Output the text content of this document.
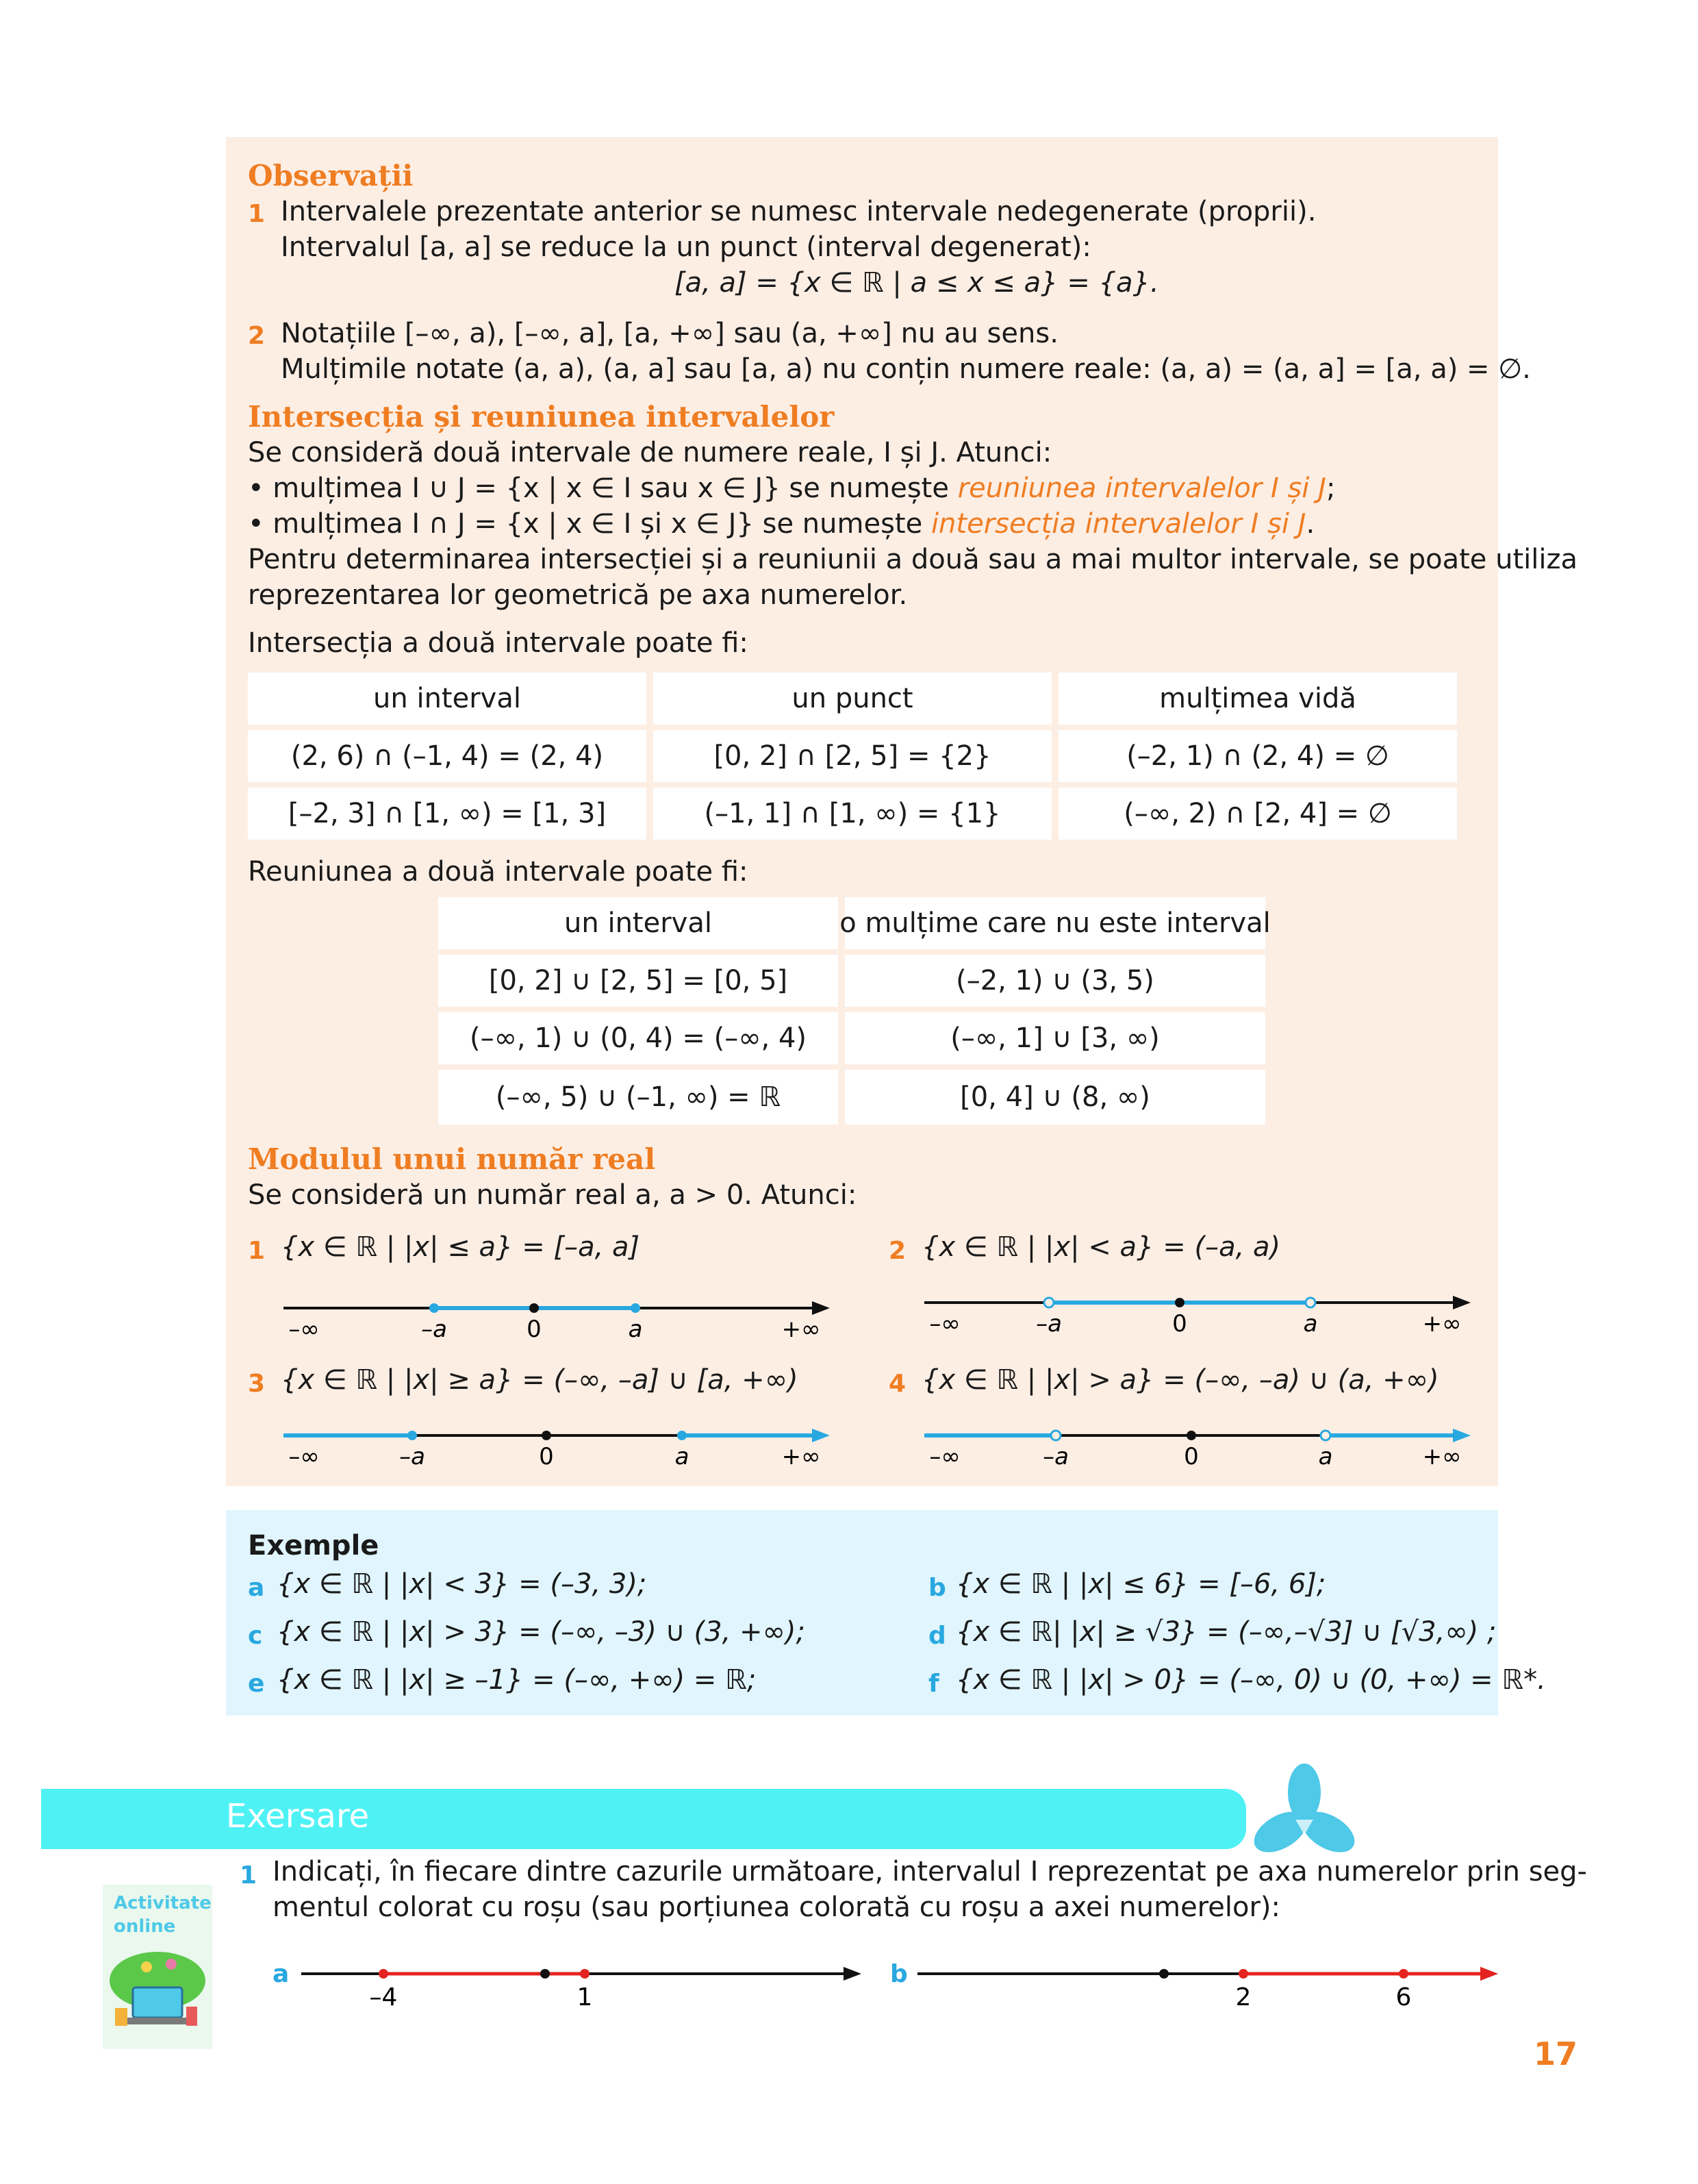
Observații
1 Intervalele prezentate anterior se numesc intervale nedegenerate (proprii).
Intervalul [a, a] se reduce la un punct (interval degenerat):
[a, a] = {x ∈ ℝ | a ≤ x ≤ a} = {a}.
2 Notațiile [–∞, a), [–∞, a], [a, +∞] sau (a, +∞] nu au sens.
Mulțimile notate (a, a), (a, a] sau [a, a) nu conțin numere reale: (a, a) = (a, a] = [a, a) = ∅.
Intersecția și reuniunea intervalelor
Se consideră două intervale de numere reale, I și J. Atunci:
• mulțimea I ∪ J = {x | x ∈ I sau x ∈ J} se numește reuniunea intervalelor I și J;
• mulțimea I ∩ J = {x | x ∈ I și x ∈ J} se numește intersecția intervalelor I și J.
Pentru determinarea intersecției și a reuniunii a două sau a mai multor intervale, se poate utiliza
reprezentarea lor geometrică pe axa numerelor.
Intersecția a două intervale poate fi:
un interval	un punct	mulțimea vidă
(2, 6) ∩ (–1, 4) = (2, 4)	[0, 2] ∩ [2, 5] = {2}	(–2, 1) ∩ (2, 4) = ∅
[–2, 3] ∩ [1, ∞) = [1, 3]	(–1, 1] ∩ [1, ∞) = {1}	(–∞, 2) ∩ [2, 4] = ∅
Reuniunea a două intervale poate fi:
un interval	o mulțime care nu este interval
[0, 2] ∪ [2, 5] = [0, 5]	(–2, 1) ∪ (3, 5)
(–∞, 1) ∪ (0, 4) = (–∞, 4)	(–∞, 1] ∪ [3, ∞)
(–∞, 5) ∪ (–1, ∞) = ℝ	[0, 4] ∪ (8, ∞)
Modulul unui număr real
Se consideră un număr real a, a > 0. Atunci:
1 {x ∈ ℝ | |x| ≤ a} = [–a, a]	2 {x ∈ ℝ | |x| < a} = (–a, a)
3 {x ∈ ℝ | |x| ≥ a} = (–∞, –a] ∪ [a, +∞)	4 {x ∈ ℝ | |x| > a} = (–∞, –a) ∪ (a, +∞)
–∞	–a	0	a	+∞	–∞	–a	0	a	+∞
–∞	–a	0	a	+∞	–∞	–a	0	a	+∞
Exemple
a {x ∈ ℝ | |x| < 3} = (–3, 3);	b {x ∈ ℝ | |x| ≤ 6} = [–6, 6];
c {x ∈ ℝ | |x| > 3} = (–∞, –3) ∪ (3, +∞);	d {x ∈ ℝ| |x| ≥ √3} = (–∞,–√3] ∪ [√3,∞) ;
e {x ∈ ℝ | |x| ≥ –1} = (–∞, +∞) = ℝ;	f {x ∈ ℝ | |x| > 0} = (–∞, 0) ∪ (0, +∞) = ℝ*.
Exersare
Activitate
online
1 Indicați, în fiecare dintre cazurile următoare, intervalul I reprezentat pe axa numerelor prin seg-
mentul colorat cu roșu (sau porțiunea colorată cu roșu a axei numerelor):
a
–4	1
b
2	6
17
